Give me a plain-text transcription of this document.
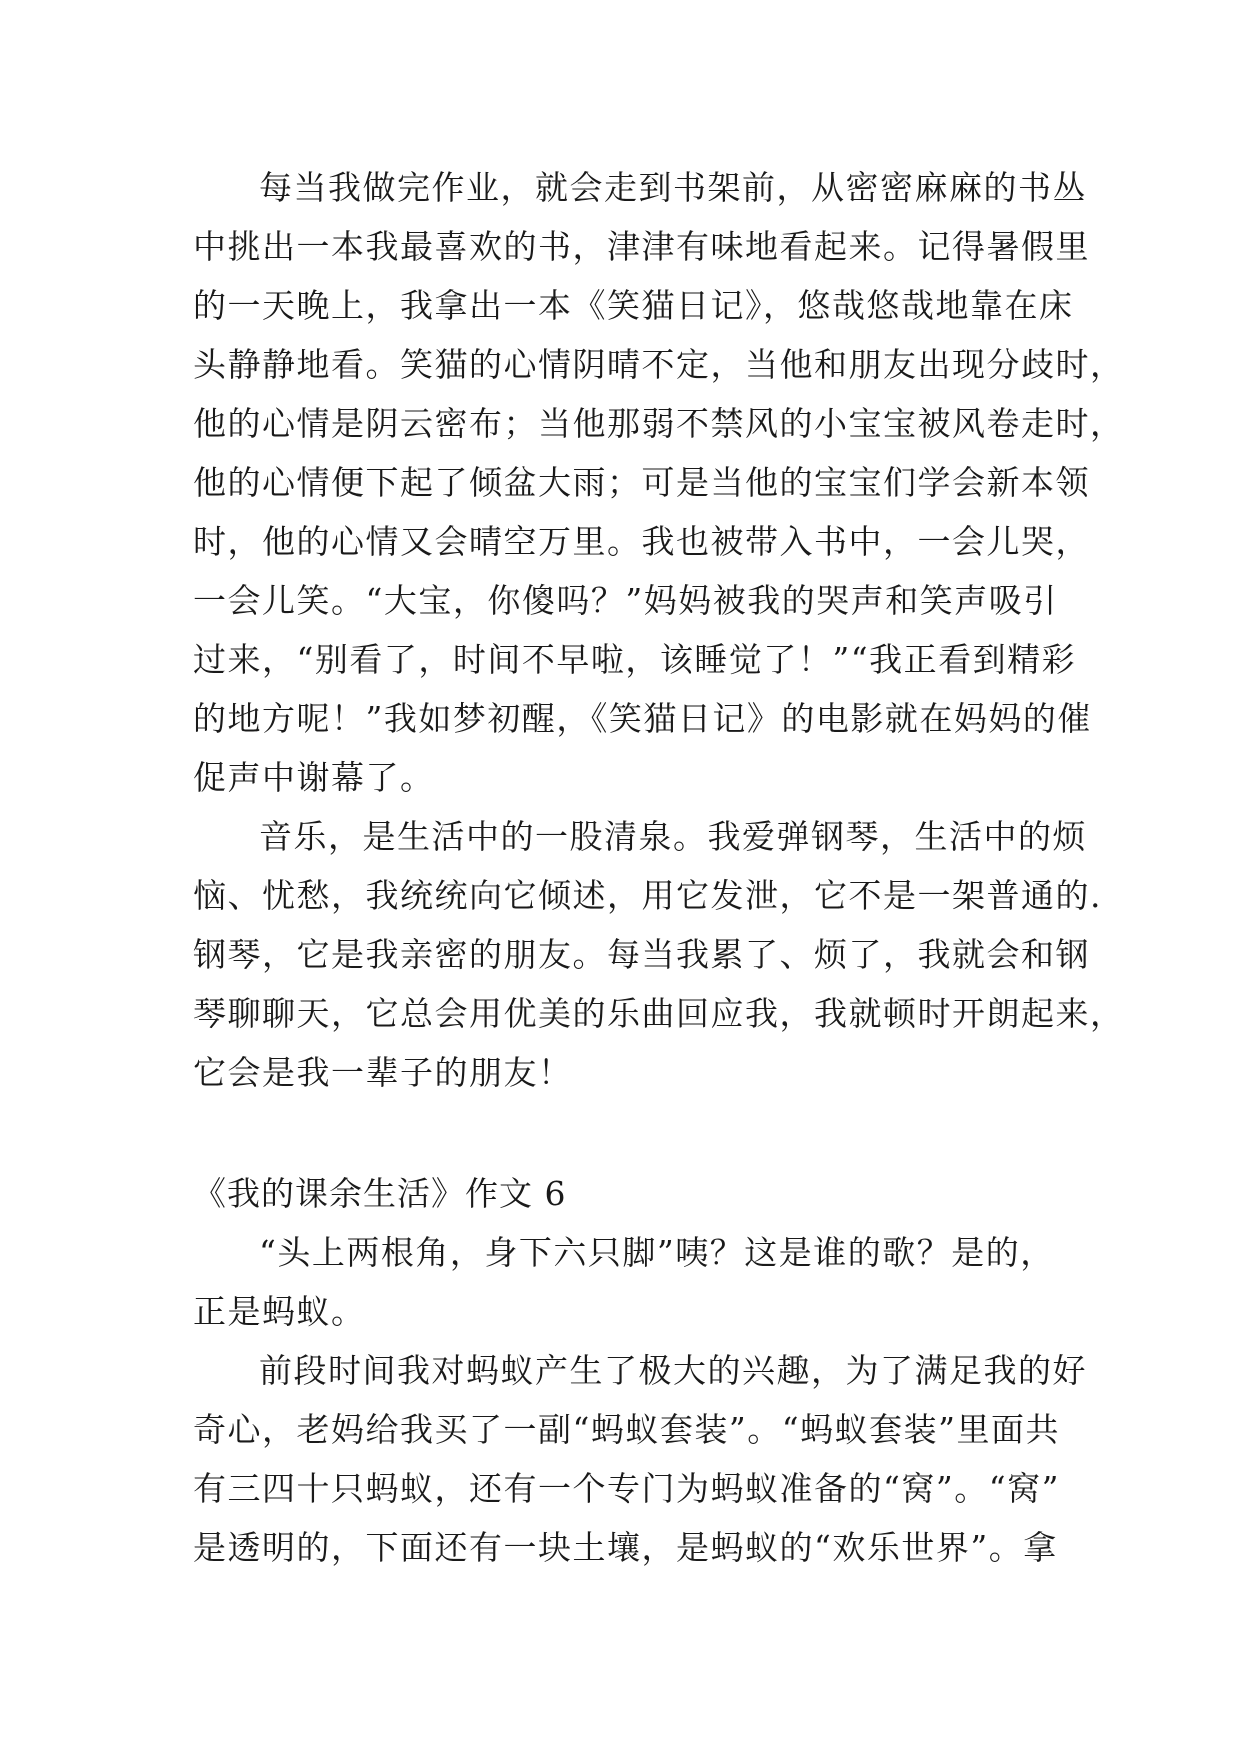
每当我做完作业，就会走到书架前，从密密麻麻的书丛
中挑出一本我最喜欢的书，津津有味地看起来。记得暑假里
的一天晚上，我拿出一本《笑猫日记》，悠哉悠哉地靠在床
头静静地看。笑猫的心情阴晴不定，当他和朋友出现分歧时，
他的心情是阴云密布；当他那弱不禁风的小宝宝被风卷走时，
他的心情便下起了倾盆大雨；可是当他的宝宝们学会新本领
时，他的心情又会晴空万里。我也被带入书中，一会儿哭，
一会儿笑。“大宝，你傻吗？”妈妈被我的哭声和笑声吸引
过来，“别看了，时间不早啦，该睡觉了！”“我正看到精彩
的地方呢！”我如梦初醒，《笑猫日记》的电影就在妈妈的催
促声中谢幕了。
音乐，是生活中的一股清泉。我爱弹钢琴，生活中的烦
恼、忧愁，我统统向它倾述，用它发泄，它不是一架普通的.
钢琴，它是我亲密的朋友。每当我累了、烦了，我就会和钢
琴聊聊天，它总会用优美的乐曲回应我，我就顿时开朗起来，
它会是我一辈子的朋友！
《我的课余生活》作文 6
“头上两根角，身下六只脚”咦？这是谁的歌？是的，
正是蚂蚁。
前段时间我对蚂蚁产生了极大的兴趣，为了满足我的好
奇心，老妈给我买了一副“蚂蚁套装”。“蚂蚁套装”里面共
有三四十只蚂蚁，还有一个专门为蚂蚁准备的“窝”。“窝”
是透明的，下面还有一块土壤，是蚂蚁的“欢乐世界”。拿
